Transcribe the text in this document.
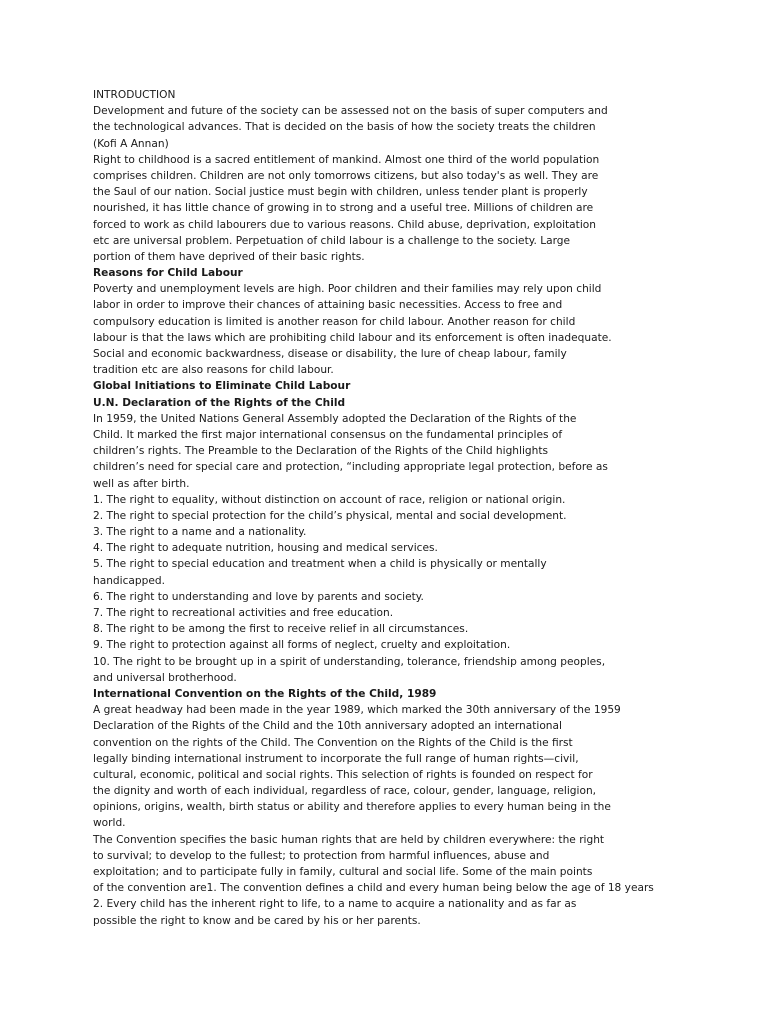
INTRODUCTION
Development and future of the society can be assessed not on the basis of super computers and
the technological advances. That is decided on the basis of how the society treats the children
(Kofi A Annan)
Right to childhood is a sacred entitlement of mankind. Almost one third of the world population
comprises children. Children are not only tomorrows citizens, but also today's as well. They are
the Saul of our nation. Social justice must begin with children, unless tender plant is properly
nourished, it has little chance of growing in to strong and a useful tree. Millions of children are
forced to work as child labourers due to various reasons. Child abuse, deprivation, exploitation
etc are universal problem. Perpetuation of child labour is a challenge to the society. Large
portion of them have deprived of their basic rights.
Reasons for Child Labour
Poverty and unemployment levels are high. Poor children and their families may rely upon child
labor in order to improve their chances of attaining basic necessities. Access to free and
compulsory education is limited is another reason for child labour. Another reason for child
labour is that the laws which are prohibiting child labour and its enforcement is often inadequate.
Social and economic backwardness, disease or disability, the lure of cheap labour, family
tradition etc are also reasons for child labour.
Global Initiations to Eliminate Child Labour
U.N. Declaration of the Rights of the Child
In 1959, the United Nations General Assembly adopted the Declaration of the Rights of the
Child. It marked the first major international consensus on the fundamental principles of
children’s rights. The Preamble to the Declaration of the Rights of the Child highlights
children’s need for special care and protection, “including appropriate legal protection, before as
well as after birth.
1. The right to equality, without distinction on account of race, religion or national origin.
2. The right to special protection for the child’s physical, mental and social development.
3. The right to a name and a nationality.
4. The right to adequate nutrition, housing and medical services.
5. The right to special education and treatment when a child is physically or mentally
handicapped.
6. The right to understanding and love by parents and society.
7. The right to recreational activities and free education.
8. The right to be among the first to receive relief in all circumstances.
9. The right to protection against all forms of neglect, cruelty and exploitation.
10. The right to be brought up in a spirit of understanding, tolerance, friendship among peoples,
and universal brotherhood.
International Convention on the Rights of the Child, 1989
A great headway had been made in the year 1989, which marked the 30th anniversary of the 1959
Declaration of the Rights of the Child and the 10th anniversary adopted an international
convention on the rights of the Child. The Convention on the Rights of the Child is the first
legally binding international instrument to incorporate the full range of human rights—civil,
cultural, economic, political and social rights. This selection of rights is founded on respect for
the dignity and worth of each individual, regardless of race, colour, gender, language, religion,
opinions, origins, wealth, birth status or ability and therefore applies to every human being in the
world.
The Convention specifies the basic human rights that are held by children everywhere: the right
to survival; to develop to the fullest; to protection from harmful influences, abuse and
exploitation; and to participate fully in family, cultural and social life. Some of the main points
of the convention are1. The convention defines a child and every human being below the age of 18 years
2. Every child has the inherent right to life, to a name to acquire a nationality and as far as
possible the right to know and be cared by his or her parents.
